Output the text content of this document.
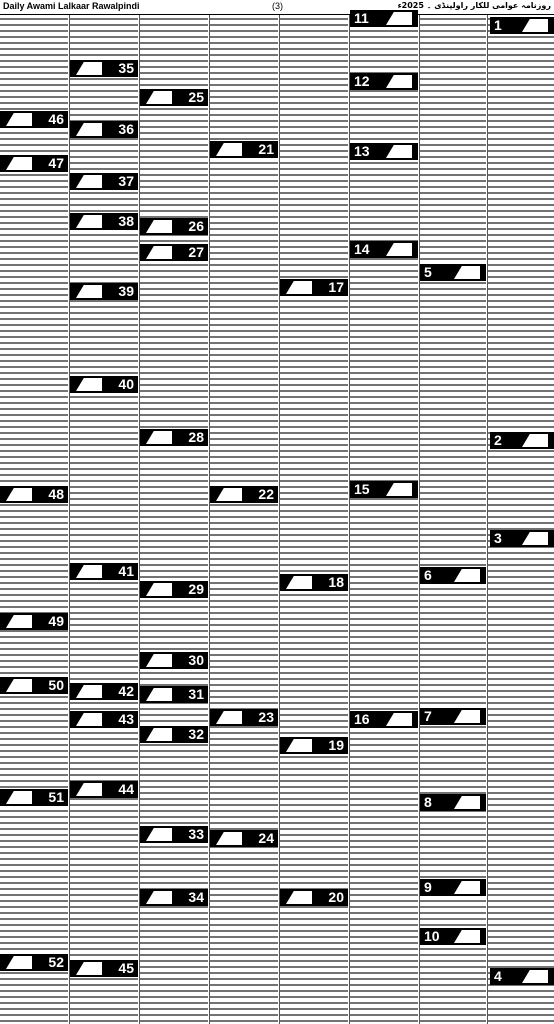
Daily Awami Lalkaar Rawalpindi	(3)	روزنامہ عوامی للکار راولپنڈی ۔ 2025ء
1
2
3
4
5
6
7
8
9
10
11
12
13
14
15
16
17
18
19
20
21
22
23
24
25
26
27
28
29
30
31
32
33
34
35
36
37
38
39
40
41
42
43
44
45
46
47
48
49
50
51
52
